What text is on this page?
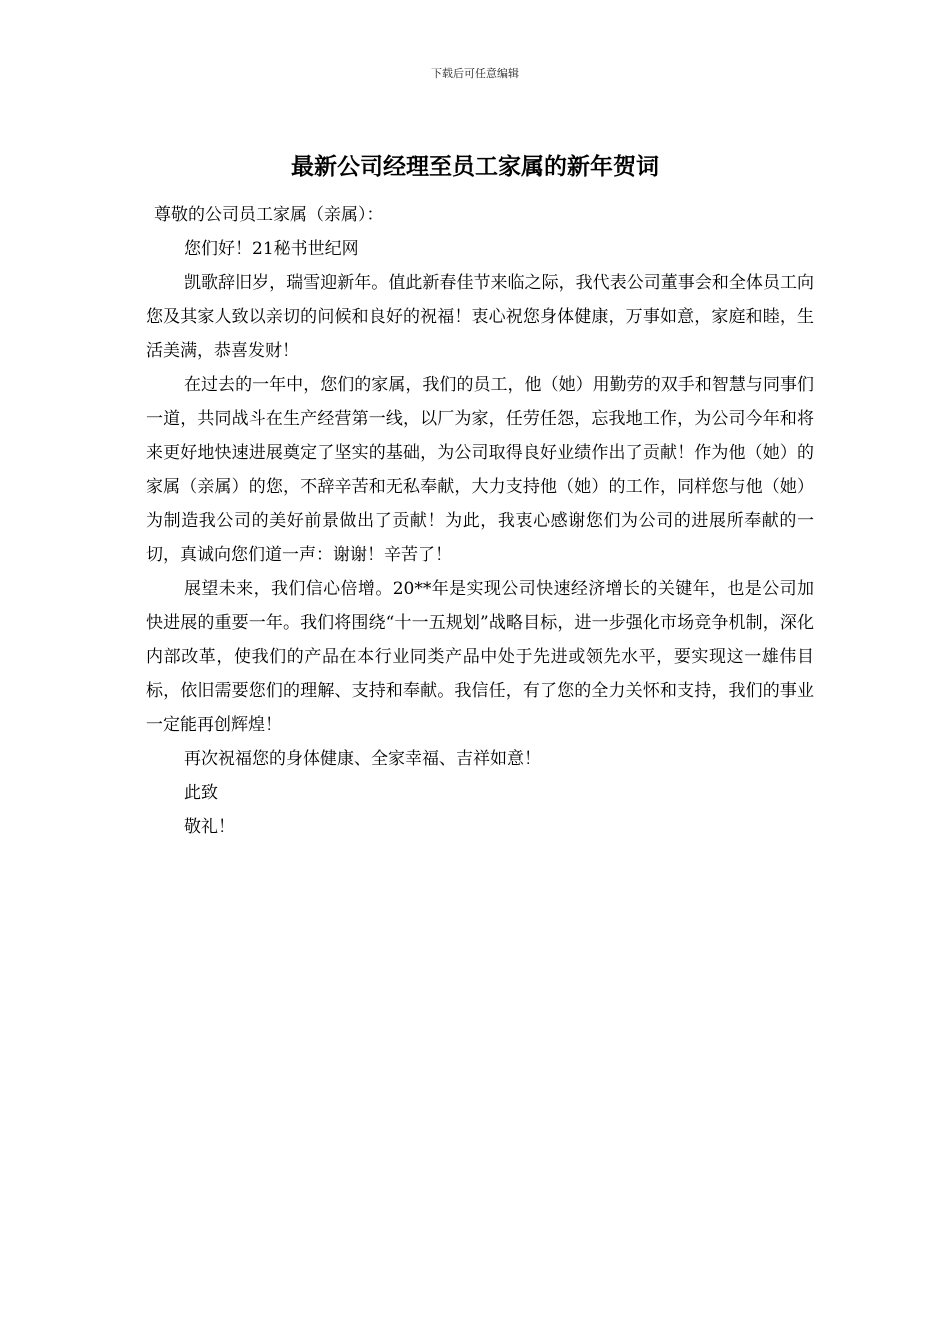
下载后可任意编辑
最新公司经理至员工家属的新年贺词

尊敬的公司员工家属（亲属）：

您们好！21秘书世纪网

凯歌辞旧岁，瑞雪迎新年。值此新春佳节来临之际，我代表公司董事会和全体员工向您及其家人致以亲切的问候和良好的祝福！衷心祝您身体健康，万事如意，家庭和睦，生活美满，恭喜发财！

在过去的一年中，您们的家属，我们的员工，他（她）用勤劳的双手和智慧与同事们一道，共同战斗在生产经营第一线，以厂为家，任劳任怨，忘我地工作，为公司今年和将来更好地快速进展奠定了坚实的基础，为公司取得良好业绩作出了贡献！作为他（她）的家属（亲属）的您，不辞辛苦和无私奉献，大力支持他（她）的工作，同样您与他（她）为制造我公司的美好前景做出了贡献！为此，我衷心感谢您们为公司的进展所奉献的一切，真诚向您们道一声：谢谢！辛苦了！

展望未来，我们信心倍增。20**年是实现公司快速经济增长的关键年，也是公司加快进展的重要一年。我们将围绕“十一五规划”战略目标，进一步强化市场竞争机制，深化内部改革，使我们的产品在本行业同类产品中处于先进或领先水平，要实现这一雄伟目标，依旧需要您们的理解、支持和奉献。我信任，有了您的全力关怀和支持，我们的事业一定能再创辉煌！

再次祝福您的身体健康、全家幸福、吉祥如意！

此致

敬礼！
